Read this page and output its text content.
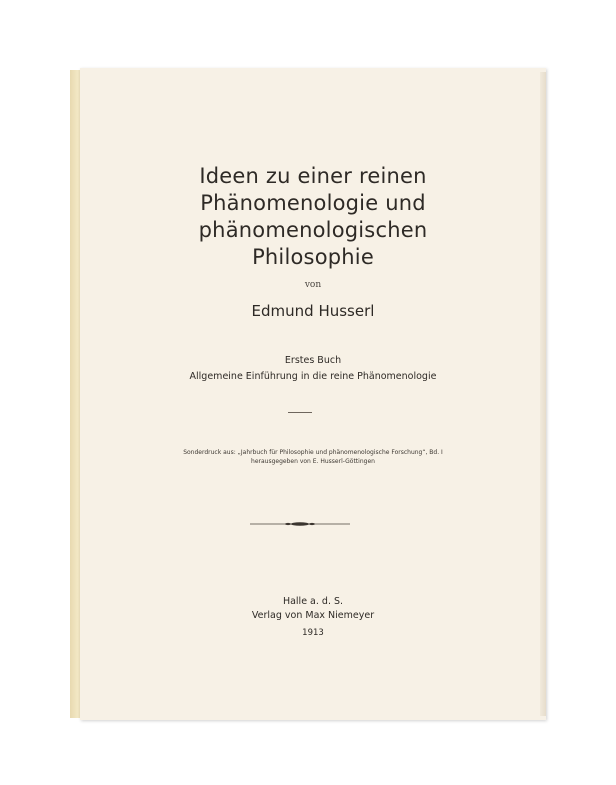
Ideen zu einer reinen
Phänomenologie und
phänomenologischen
Philosophie
von
Edmund Husserl
Erstes Buch
Allgemeine Einführung in die reine Phänomenologie
Sonderdruck aus: „Jahrbuch für Philosophie und phänomenologische Forschung“, Bd. I
herausgegeben von E. Husserl-Göttingen
Halle a. d. S.
Verlag von Max Niemeyer
1913
